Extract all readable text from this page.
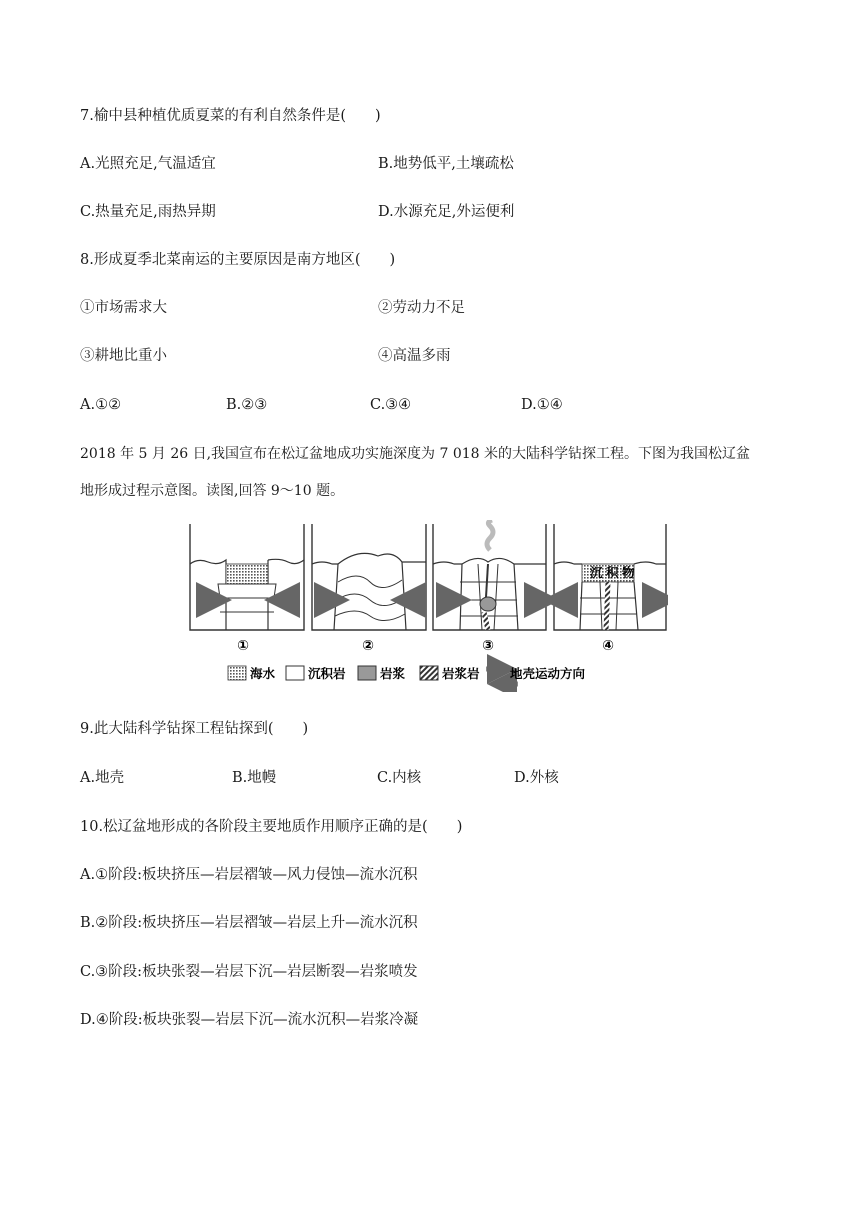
7.榆中县种植优质夏菜的有利自然条件是(　　)
A.光照充足,气温适宜	B.地势低平,土壤疏松
C.热量充足,雨热异期	D.水源充足,外运便利
8.形成夏季北菜南运的主要原因是南方地区(　　)
①市场需求大	②劳动力不足
③耕地比重小	④高温多雨
A.①②	B.②③	C.③④	D.①④
2018 年 5 月 26 日,我国宣布在松辽盆地成功实施深度为 7 018 米的大陆科学钻探工程。下图为我国松辽盆
地形成过程示意图。读图,回答 9～10 题。
①	②	③
沉 积 物
④
海水	沉积岩	岩浆	岩浆岩 地壳运动方向
9.此大陆科学钻探工程钻探到(　　)
A.地壳	B.地幔	C.内核	D.外核
10.松辽盆地形成的各阶段主要地质作用顺序正确的是(　　)
A.①阶段:板块挤压—岩层褶皱—风力侵蚀—流水沉积
B.②阶段:板块挤压—岩层褶皱—岩层上升—流水沉积
C.③阶段:板块张裂—岩层下沉—岩层断裂—岩浆喷发
D.④阶段:板块张裂—岩层下沉—流水沉积—岩浆冷凝
